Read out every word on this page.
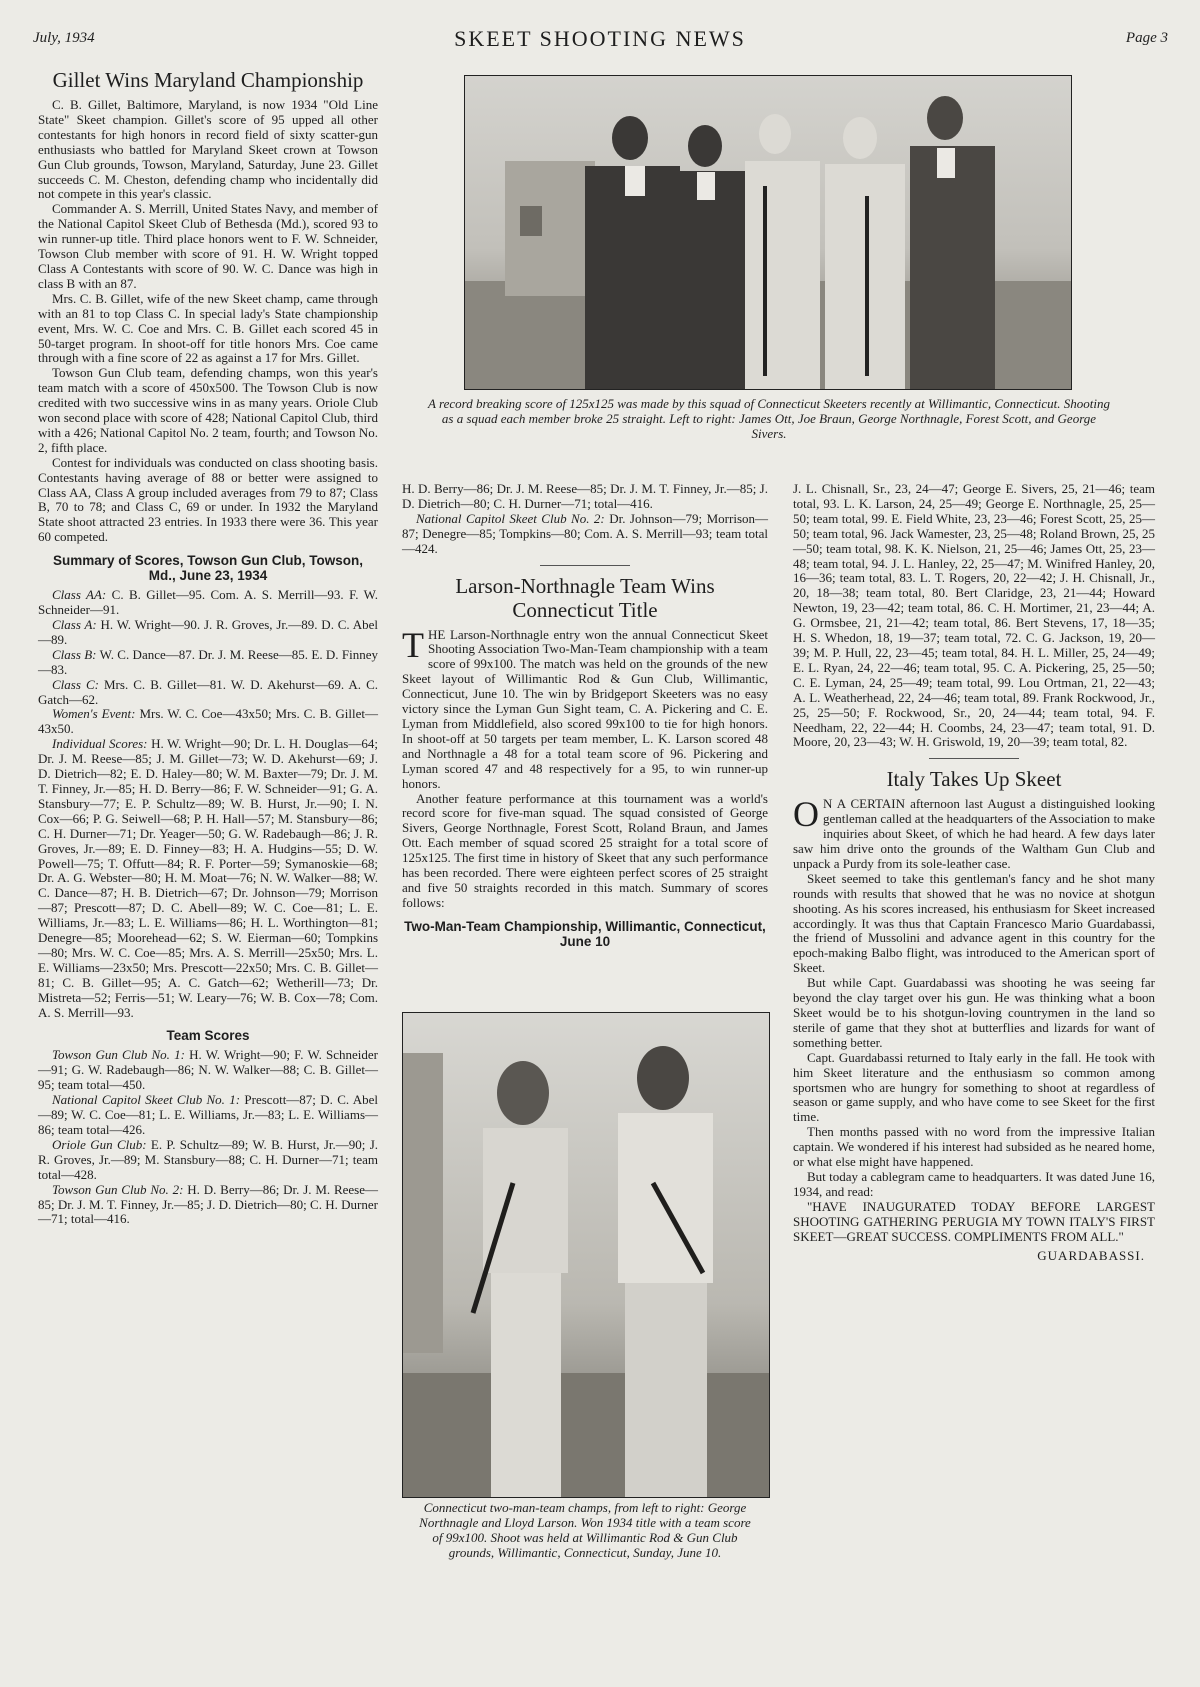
July, 1934	SKEET SHOOTING NEWS	Page 3
Gillet Wins Maryland Championship

C. B. Gillet, Baltimore, Maryland, is now 1934 "Old Line State" Skeet champion. Gillet's score of 95 upped all other contestants for high honors in record field of sixty scatter-gun enthusiasts who battled for Maryland Skeet crown at Towson Gun Club grounds, Towson, Maryland, Saturday, June 23. Gillet succeeds C. M. Cheston, defending champ who incidentally did not compete in this year's classic.

Commander A. S. Merrill, United States Navy, and member of the National Capitol Skeet Club of Bethesda (Md.), scored 93 to win runner-up title. Third place honors went to F. W. Schneider, Towson Club member with score of 91. H. W. Wright topped Class A Contestants with score of 90. W. C. Dance was high in class B with an 87.

Mrs. C. B. Gillet, wife of the new Skeet champ, came through with an 81 to top Class C. In special lady's State championship event, Mrs. W. C. Coe and Mrs. C. B. Gillet each scored 45 in 50-target program. In shoot-off for title honors Mrs. Coe came through with a fine score of 22 as against a 17 for Mrs. Gillet.

Towson Gun Club team, defending champs, won this year's team match with a score of 450x500. The Towson Club is now credited with two successive wins in as many years. Oriole Club won second place with score of 428; National Capitol Club, third with a 426; National Capitol No. 2 team, fourth; and Towson No. 2, fifth place.

Contest for individuals was conducted on class shooting basis. Contestants having average of 88 or better were assigned to Class AA, Class A group included averages from 79 to 87; Class B, 70 to 78; and Class C, 69 or under. In 1932 the Maryland State shoot attracted 23 entries. In 1933 there were 36. This year 60 competed.

Summary of Scores, Towson Gun Club, Towson, Md., June 23, 1934

Class AA: C. B. Gillet—95. Com. A. S. Merrill—93. F. W. Schneider—91.

Class A: H. W. Wright—90. J. R. Groves, Jr.—89. D. C. Abel—89.

Class B: W. C. Dance—87. Dr. J. M. Reese—85. E. D. Finney—83.

Class C: Mrs. C. B. Gillet—81. W. D. Akehurst—69. A. C. Gatch—62.

Women's Event: Mrs. W. C. Coe—43x50; Mrs. C. B. Gillet—43x50.

Individual Scores: H. W. Wright—90; Dr. L. H. Douglas—64; Dr. J. M. Reese—85; J. M. Gillet—73; W. D. Akehurst—69; J. D. Dietrich—82; E. D. Haley—80; W. M. Baxter—79; Dr. J. M. T. Finney, Jr.—85; H. D. Berry—86; F. W. Schneider—91; G. A. Stansbury—77; E. P. Schultz—89; W. B. Hurst, Jr.—90; I. N. Cox—66; P. G. Seiwell—68; P. H. Hall—57; M. Stansbury—86; C. H. Durner—71; Dr. Yeager—50; G. W. Radebaugh—86; J. R. Groves, Jr.—89; E. D. Finney—83; H. A. Hudgins—55; D. W. Powell—75; T. Offutt—84; R. F. Porter—59; Symanoskie—68; Dr. A. G. Webster—80; H. M. Moat—76; N. W. Walker—88; W. C. Dance—87; H. B. Dietrich—67; Dr. Johnson—79; Morrison—87; Prescott—87; D. C. Abell—89; W. C. Coe—81; L. E. Williams, Jr.—83; L. E. Williams—86; H. L. Worthington—81; Denegre—85; Moorehead—62; S. W. Eierman—60; Tompkins—80; Mrs. W. C. Coe—85; Mrs. A. S. Merrill—25x50; Mrs. L. E. Williams—23x50; Mrs. Prescott—22x50; Mrs. C. B. Gillet—81; C. B. Gillet—95; A. C. Gatch—62; Wetherill—73; Dr. Mistreta—52; Ferris—51; W. Leary—76; W. B. Cox—78; Com. A. S. Merrill—93.

Team Scores

Towson Gun Club No. 1: H. W. Wright—90; F. W. Schneider—91; G. W. Radebaugh—86; N. W. Walker—88; C. B. Gillet—95; team total—450.

National Capitol Skeet Club No. 1: Prescott—87; D. C. Abel—89; W. C. Coe—81; L. E. Williams, Jr.—83; L. E. Williams—86; team total—426.

Oriole Gun Club: E. P. Schultz—89; W. B. Hurst, Jr.—90; J. R. Groves, Jr.—89; M. Stansbury—88; C. H. Durner—71; team total—428.

Towson Gun Club No. 2: H. D. Berry—86; Dr. J. M. Reese—85; Dr. J. M. T. Finney, Jr.—85; J. D. Dietrich—80; C. H. Durner—71; total—416.

A record breaking score of 125x125 was made by this squad of Connecticut Skeeters recently at Willimantic, Connecticut. Shooting as a squad each member broke 25 straight. Left to right: James Ott, Joe Braun, George Northnagle, Forest Scott, and George Sivers.

H. D. Berry—86; Dr. J. M. Reese—85; Dr. J. M. T. Finney, Jr.—85; J. D. Dietrich—80; C. H. Durner—71; total—416.

National Capitol Skeet Club No. 2: Dr. Johnson—79; Morrison—87; Denegre—85; Tompkins—80; Com. A. S. Merrill—93; team total—424.

Larson-Northnagle Team Wins Connecticut Title

THE Larson-Northnagle entry won the annual Connecticut Skeet Shooting Association Two-Man-Team championship with a team score of 99x100. The match was held on the grounds of the new Skeet layout of Willimantic Rod & Gun Club, Willimantic, Connecticut, June 10. The win by Bridgeport Skeeters was no easy victory since the Lyman Gun Sight team, C. A. Pickering and C. E. Lyman from Middlefield, also scored 99x100 to tie for high honors. In shoot-off at 50 targets per team member, L. K. Larson scored 48 and Northnagle a 48 for a total team score of 96. Pickering and Lyman scored 47 and 48 respectively for a 95, to win runner-up honors.

Another feature performance at this tournament was a world's record score for five-man squad. The squad consisted of George Sivers, George Northnagle, Forest Scott, Roland Braun, and James Ott. Each member of squad scored 25 straight for a total score of 125x125. The first time in history of Skeet that any such performance has been recorded. There were eighteen perfect scores of 25 straight and five 50 straights recorded in this match. Summary of scores follows:

Two-Man-Team Championship, Willimantic, Connecticut, June 10
Connecticut two-man-team champs, from left to right: George Northnagle and Lloyd Larson. Won 1934 title with a team score of 99x100. Shoot was held at Willimantic Rod & Gun Club grounds, Willimantic, Connecticut, Sunday, June 10.

J. L. Chisnall, Sr., 23, 24—47; George E. Sivers, 25, 21—46; team total, 93. L. K. Larson, 24, 25—49; George E. Northnagle, 25, 25—50; team total, 99. E. Field White, 23, 23—46; Forest Scott, 25, 25—50; team total, 96. Jack Wamester, 23, 25—48; Roland Brown, 25, 25—50; team total, 98. K. K. Nielson, 21, 25—46; James Ott, 25, 23—48; team total, 94. J. L. Hanley, 22, 25—47; M. Winifred Hanley, 20, 16—36; team total, 83. L. T. Rogers, 20, 22—42; J. H. Chisnall, Jr., 20, 18—38; team total, 80. Bert Claridge, 23, 21—44; Howard Newton, 19, 23—42; team total, 86. C. H. Mortimer, 21, 23—44; A. G. Ormsbee, 21, 21—42; team total, 86. Bert Stevens, 17, 18—35; H. S. Whedon, 18, 19—37; team total, 72. C. G. Jackson, 19, 20—39; M. P. Hull, 22, 23—45; team total, 84. H. L. Miller, 25, 24—49; E. L. Ryan, 24, 22—46; team total, 95. C. A. Pickering, 25, 25—50; C. E. Lyman, 24, 25—49; team total, 99. Lou Ortman, 21, 22—43; A. L. Weatherhead, 22, 24—46; team total, 89. Frank Rockwood, Jr., 25, 25—50; F. Rockwood, Sr., 20, 24—44; team total, 94. F. Needham, 22, 22—44; H. Coombs, 24, 23—47; team total, 91. D. Moore, 20, 23—43; W. H. Griswold, 19, 20—39; team total, 82.

Italy Takes Up Skeet

O N A CERTAIN afternoon last August a distinguished looking gentleman called at the headquarters of the Association to make inquiries about Skeet, of which he had heard. A few days later saw him drive onto the grounds of the Waltham Gun Club and unpack a Purdy from its sole-leather case.

Skeet seemed to take this gentleman's fancy and he shot many rounds with results that showed that he was no novice at shotgun shooting. As his scores increased, his enthusiasm for Skeet increased accordingly. It was thus that Captain Francesco Mario Guardabassi, the friend of Mussolini and advance agent in this country for the epoch-making Balbo flight, was introduced to the American sport of Skeet.

But while Capt. Guardabassi was shooting he was seeing far beyond the clay target over his gun. He was thinking what a boon Skeet would be to his shotgun-loving countrymen in the land so sterile of game that they shot at butterflies and lizards for want of something better.

Capt. Guardabassi returned to Italy early in the fall. He took with him Skeet literature and the enthusiasm so common among sportsmen who are hungry for something to shoot at regardless of season or game supply, and who have come to see Skeet for the first time.

Then months passed with no word from the impressive Italian captain. We wondered if his interest had subsided as he neared home, or what else might have happened.

But today a cablegram came to headquarters. It was dated June 16, 1934, and read:

"HAVE INAUGURATED TODAY BEFORE LARGEST SHOOTING GATHERING PERUGIA MY TOWN ITALY'S FIRST SKEET—GREAT SUCCESS. COMPLIMENTS FROM ALL."

GUARDABASSI.
